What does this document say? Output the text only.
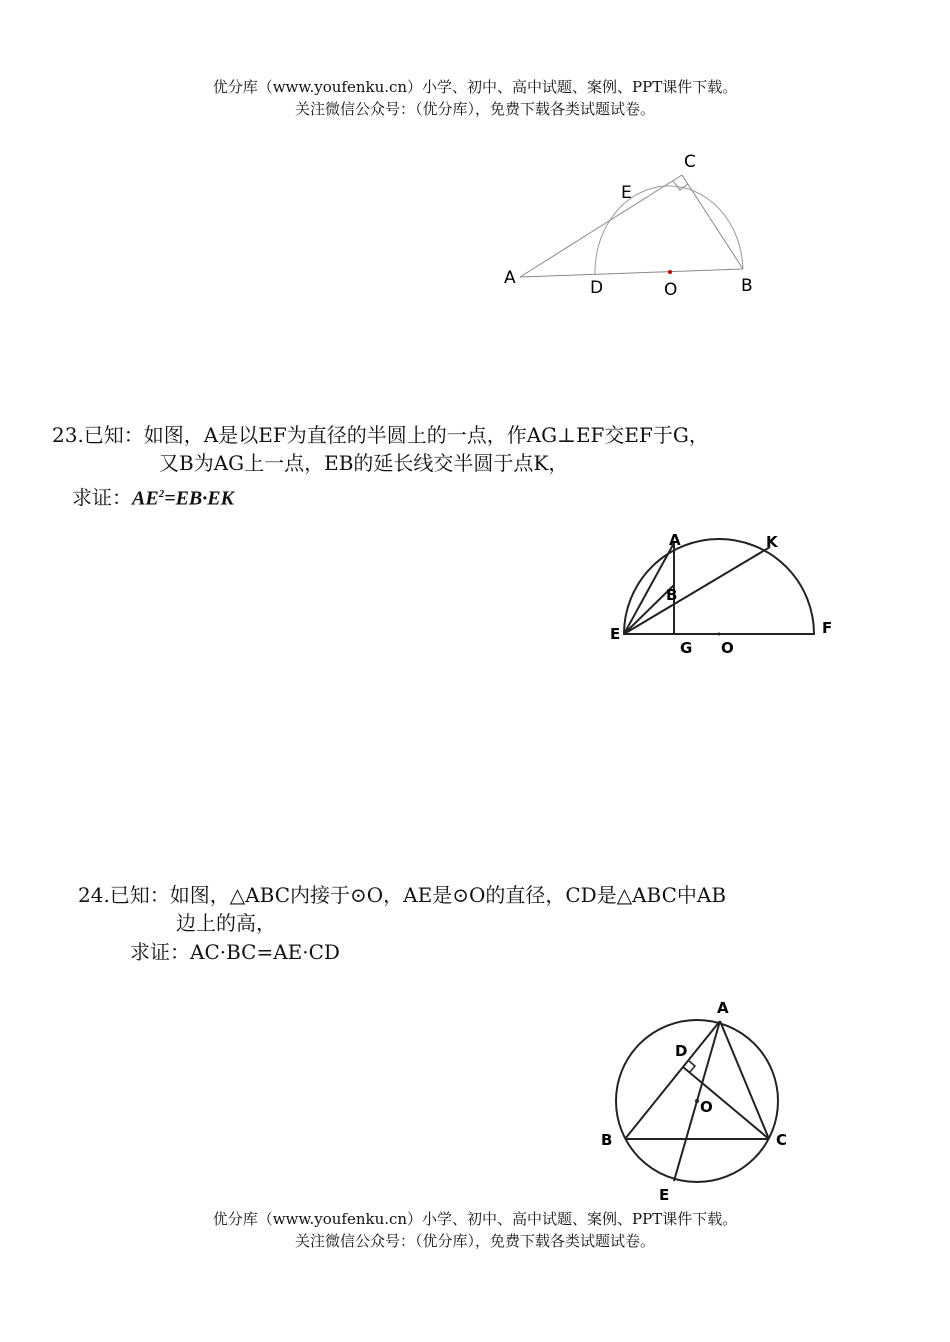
优分库（www.youfenku.cn）小学、初中、高中试题、案例、PPT课件下载。
关注微信公众号：（优分库），免费下载各类试题试卷。
C
E
A	D	O	B
23.已知：如图，A是以EF为直径的半圆上的一点，作AG⊥EF交EF于G，
又B为AG上一点，EB的延长线交半圆于点K，
求证：$AE^2=EB\cdot EK$
A	K
B
E
G O
F
24.已知：如图，△ABC内接于⊙O，AE是⊙O的直径，CD是△ABC中AB
边上的高，
求证：AC·BC=AE·CD
A
D
O
B	C
E
优分库（www.youfenku.cn）小学、初中、高中试题、案例、PPT课件下载。
关注微信公众号：（优分库），免费下载各类试题试卷。
